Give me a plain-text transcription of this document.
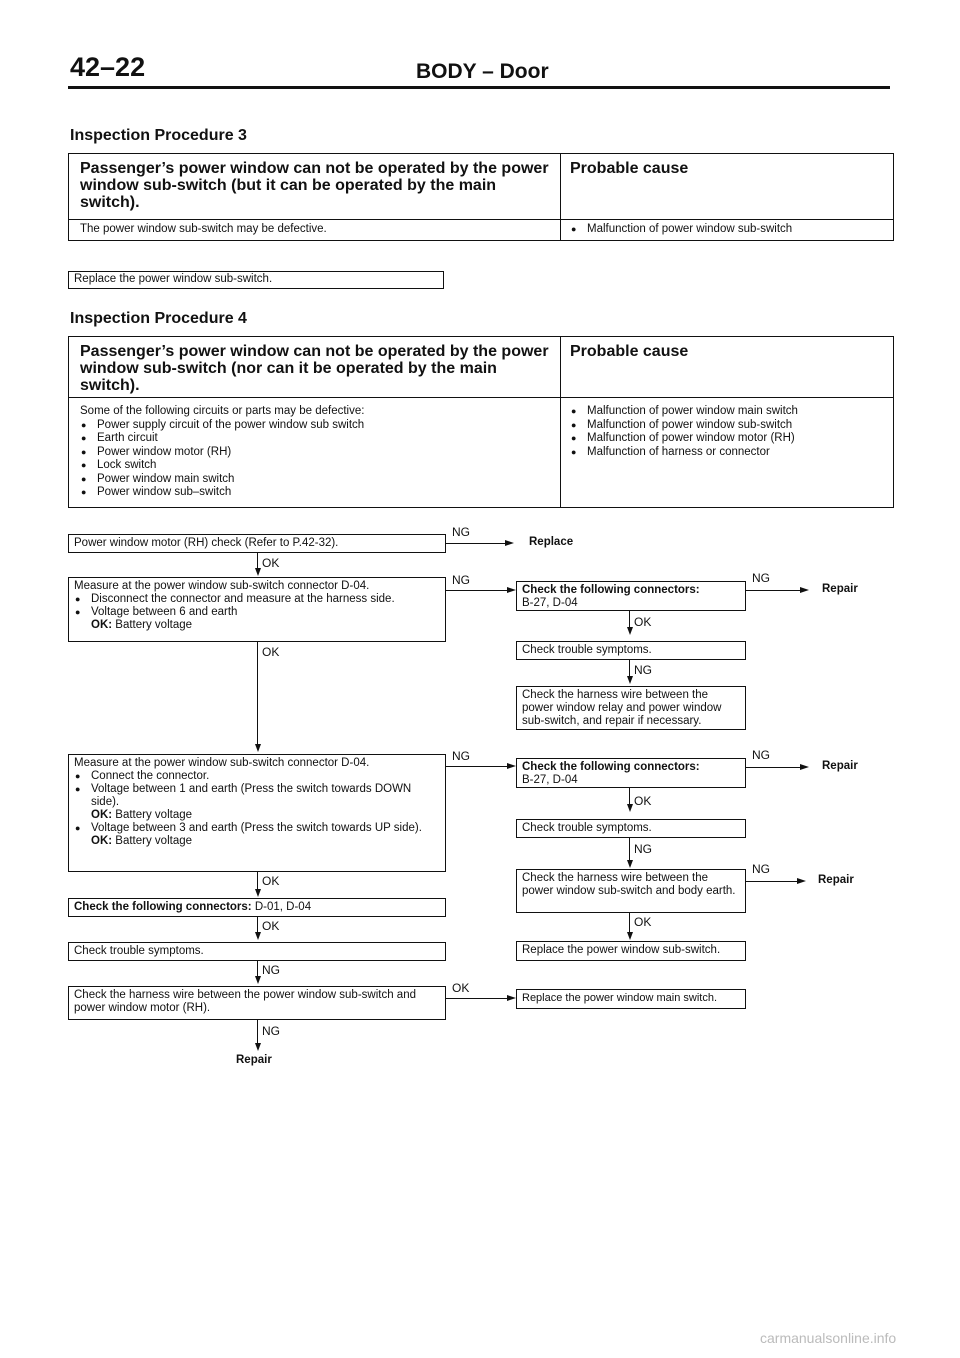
42–22	BODY – Door
Inspection Procedure 3
Passenger’s power window can not be operated by the power window sub-switch (but it can be operated by the main switch).
Probable cause
The power window sub-switch may be defective.
●	Malfunction of power window sub-switch
Replace the power window sub-switch.
Inspection Procedure 4
Passenger’s power window can not be operated by the power window sub-switch (nor can it be operated by the main switch).
Probable cause
Some of the following circuits or parts may be defective:
● Power supply circuit of the power window sub switch
● Earth circuit
● Power window motor (RH)
● Lock switch
● Power window main switch
● Power window sub–switch
● Malfunction of power window main switch
● Malfunction of power window sub-switch
● Malfunction of power window motor (RH)
● Malfunction of harness or connector
Power window motor (RH) check (Refer to P.42-32).
NG
Replace
OK
Measure at the power window sub-switch connector D-04.
● Disconnect the connector and measure at the harness side.
● Voltage between 6 and earth
OK: Battery voltage
NG
OK
Measure at the power window sub-switch connector D-04.
● Connect the connector.
● Voltage between 1 and earth (Press the switch towards DOWN side).
OK: Battery voltage
● Voltage between 3 and earth (Press the switch towards UP side).
OK: Battery voltage
NG
OK
Check the following connectors: D-01, D-04
OK
Check trouble symptoms.
NG
Check the harness wire between the power window sub-switch and power window motor (RH).
OK
NG
Repair
Check the following connectors:
B-27, D-04
NG
Repair
OK
Check trouble symptoms.
NG
Check the harness wire between the power window relay and power window sub-switch, and repair if necessary.
Check the following connectors:
B-27, D-04
NG
Repair
OK
Check trouble symptoms.
NG
Check the harness wire between the power window sub-switch and body earth.
NG
Repair
OK
Replace the power window sub-switch.
Replace the power window main switch.
carmanualsonline.info
